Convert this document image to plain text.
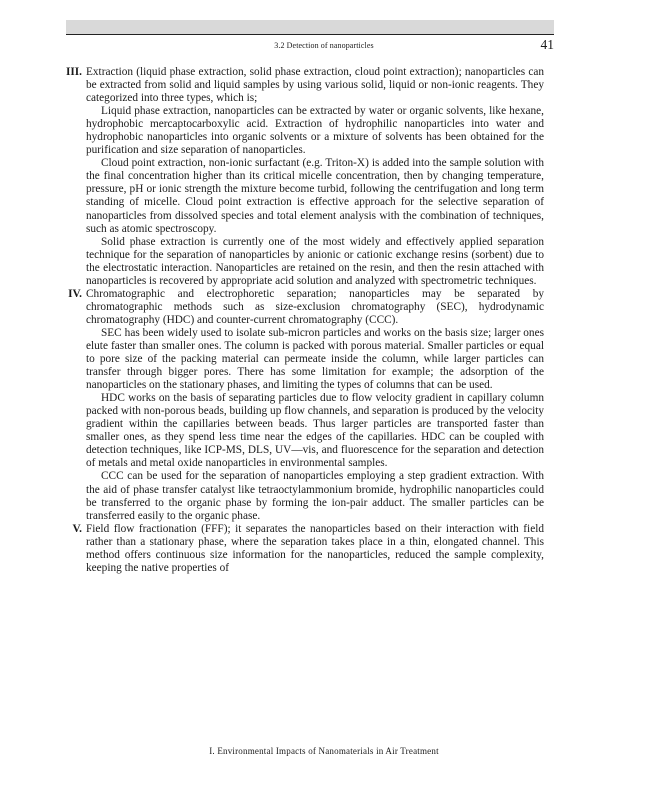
3.2 Detection of nanoparticles	41
III. Extraction (liquid phase extraction, solid phase extraction, cloud point extraction); nanoparticles can be extracted from solid and liquid samples by using various solid, liquid or non-ionic reagents. They categorized into three types, which is;

Liquid phase extraction, nanoparticles can be extracted by water or organic solvents, like hexane, hydrophobic mercaptocarboxylic acid. Extraction of hydrophilic nanoparticles into water and hydrophobic nanoparticles into organic solvents or a mixture of solvents has been obtained for the purification and size separation of nanoparticles.

Cloud point extraction, non-ionic surfactant (e.g. Triton-X) is added into the sample solution with the final concentration higher than its critical micelle concentration, then by changing temperature, pressure, pH or ionic strength the mixture become turbid, following the centrifugation and long term standing of micelle. Cloud point extraction is effective approach for the selective separation of nanoparticles from dissolved species and total element analysis with the combination of techniques, such as atomic spectroscopy.

Solid phase extraction is currently one of the most widely and effectively applied separation technique for the separation of nanoparticles by anionic or cationic exchange resins (sorbent) due to the electrostatic interaction. Nanoparticles are retained on the resin, and then the resin attached with nanoparticles is recovered by appropriate acid solution and analyzed with spectrometric techniques.

IV. Chromatographic and electrophoretic separation; nanoparticles may be separated by chromatographic methods such as size-exclusion chromatography (SEC), hydrodynamic chromatography (HDC) and counter-current chromatography (CCC).

SEC has been widely used to isolate sub-micron particles and works on the basis size; larger ones elute faster than smaller ones. The column is packed with porous material. Smaller particles or equal to pore size of the packing material can permeate inside the column, while larger particles can transfer through bigger pores. There has some limitation for example; the adsorption of the nanoparticles on the stationary phases, and limiting the types of columns that can be used.

HDC works on the basis of separating particles due to flow velocity gradient in capillary column packed with non-porous beads, building up flow channels, and separation is produced by the velocity gradient within the capillaries between beads. Thus larger particles are transported faster than smaller ones, as they spend less time near the edges of the capillaries. HDC can be coupled with detection techniques, like ICP-MS, DLS, UV—vis, and fluorescence for the separation and detection of metals and metal oxide nanoparticles in environmental samples.

CCC can be used for the separation of nanoparticles employing a step gradient extraction. With the aid of phase transfer catalyst like tetraoctylammonium bromide, hydrophilic nanoparticles could be transferred to the organic phase by forming the ion-pair adduct. The smaller particles can be transferred easily to the organic phase.

V. Field flow fractionation (FFF); it separates the nanoparticles based on their interaction with field rather than a stationary phase, where the separation takes place in a thin, elongated channel. This method offers continuous size information for the nanoparticles, reduced the sample complexity, keeping the native properties of

I. Environmental Impacts of Nanomaterials in Air Treatment
